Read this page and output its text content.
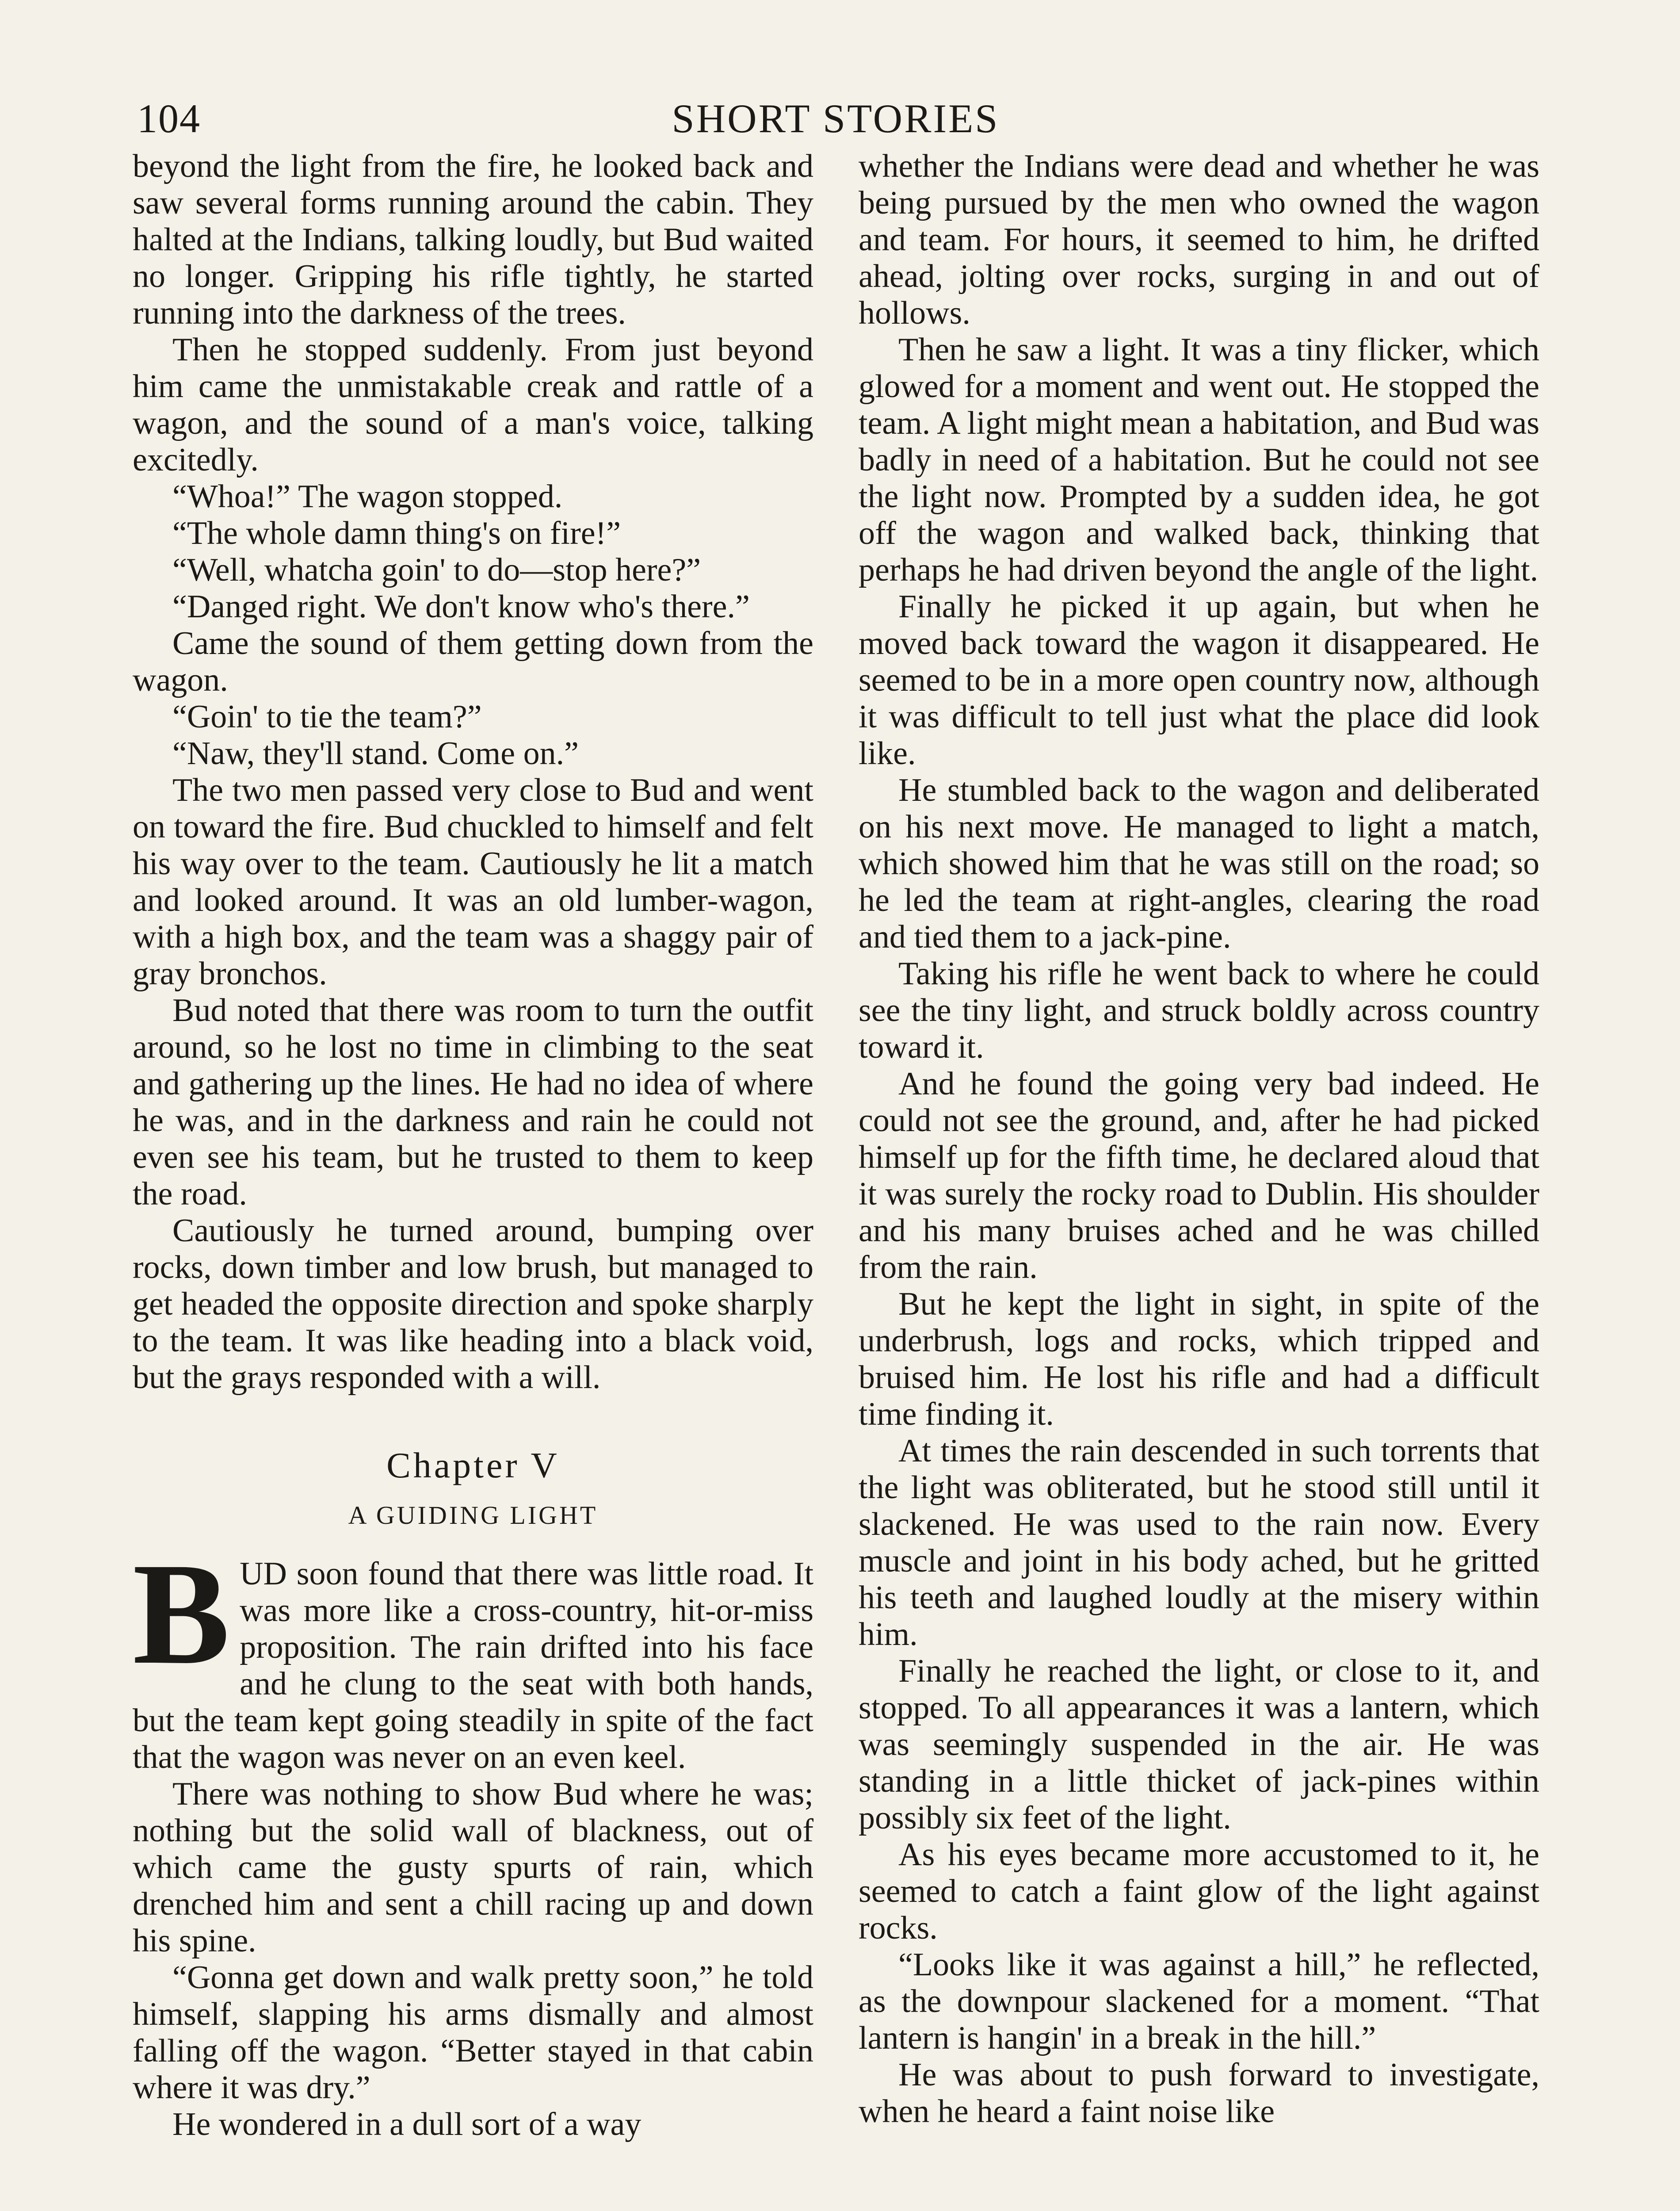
104	SHORT STORIES

beyond the light from the fire, he looked back and saw several forms running around the cabin. They halted at the Indians, talking loudly, but Bud waited no longer. Gripping his rifle tightly, he started running into the darkness of the trees.

Then he stopped suddenly. From just beyond him came the unmistakable creak and rattle of a wagon, and the sound of a man's voice, talking excitedly.

“Whoa!” The wagon stopped.

“The whole damn thing's on fire!”

“Well, whatcha goin' to do—stop here?”

“Danged right. We don't know who's there.”

Came the sound of them getting down from the wagon.

“Goin' to tie the team?”

“Naw, they'll stand. Come on.”

The two men passed very close to Bud and went on toward the fire. Bud chuckled to himself and felt his way over to the team. Cautiously he lit a match and looked around. It was an old lumber-wagon, with a high box, and the team was a shaggy pair of gray bronchos.

Bud noted that there was room to turn the outfit around, so he lost no time in climbing to the seat and gathering up the lines. He had no idea of where he was, and in the darkness and rain he could not even see his team, but he trusted to them to keep the road.

Cautiously he turned around, bumping over rocks, down timber and low brush, but managed to get headed the opposite direction and spoke sharply to the team. It was like heading into a black void, but the grays responded with a will.

Chapter V
A GUIDING LIGHT

BUD soon found that there was little road. It was more like a cross-country, hit-or-miss proposition. The rain drifted into his face and he clung to the seat with both hands, but the team kept going steadily in spite of the fact that the wagon was never on an even keel.

There was nothing to show Bud where he was; nothing but the solid wall of blackness, out of which came the gusty spurts of rain, which drenched him and sent a chill racing up and down his spine.

“Gonna get down and walk pretty soon,” he told himself, slapping his arms dismally and almost falling off the wagon. “Better stayed in that cabin where it was dry.”

He wondered in a dull sort of a way

whether the Indians were dead and whether he was being pursued by the men who owned the wagon and team. For hours, it seemed to him, he drifted ahead, jolting over rocks, surging in and out of hollows.

Then he saw a light. It was a tiny flicker, which glowed for a moment and went out. He stopped the team. A light might mean a habitation, and Bud was badly in need of a habitation. But he could not see the light now. Prompted by a sudden idea, he got off the wagon and walked back, thinking that perhaps he had driven beyond the angle of the light.

Finally he picked it up again, but when he moved back toward the wagon it disappeared. He seemed to be in a more open country now, although it was difficult to tell just what the place did look like.

He stumbled back to the wagon and deliberated on his next move. He managed to light a match, which showed him that he was still on the road; so he led the team at right-angles, clearing the road and tied them to a jack-pine.

Taking his rifle he went back to where he could see the tiny light, and struck boldly across country toward it.

And he found the going very bad indeed. He could not see the ground, and, after he had picked himself up for the fifth time, he declared aloud that it was surely the rocky road to Dublin. His shoulder and his many bruises ached and he was chilled from the rain.

But he kept the light in sight, in spite of the underbrush, logs and rocks, which tripped and bruised him. He lost his rifle and had a difficult time finding it.

At times the rain descended in such torrents that the light was obliterated, but he stood still until it slackened. He was used to the rain now. Every muscle and joint in his body ached, but he gritted his teeth and laughed loudly at the misery within him.

Finally he reached the light, or close to it, and stopped. To all appearances it was a lantern, which was seemingly suspended in the air. He was standing in a little thicket of jack-pines within possibly six feet of the light.

As his eyes became more accustomed to it, he seemed to catch a faint glow of the light against rocks.

“Looks like it was against a hill,” he reflected, as the downpour slackened for a moment. “That lantern is hangin' in a break in the hill.”

He was about to push forward to investigate, when he heard a faint noise like
